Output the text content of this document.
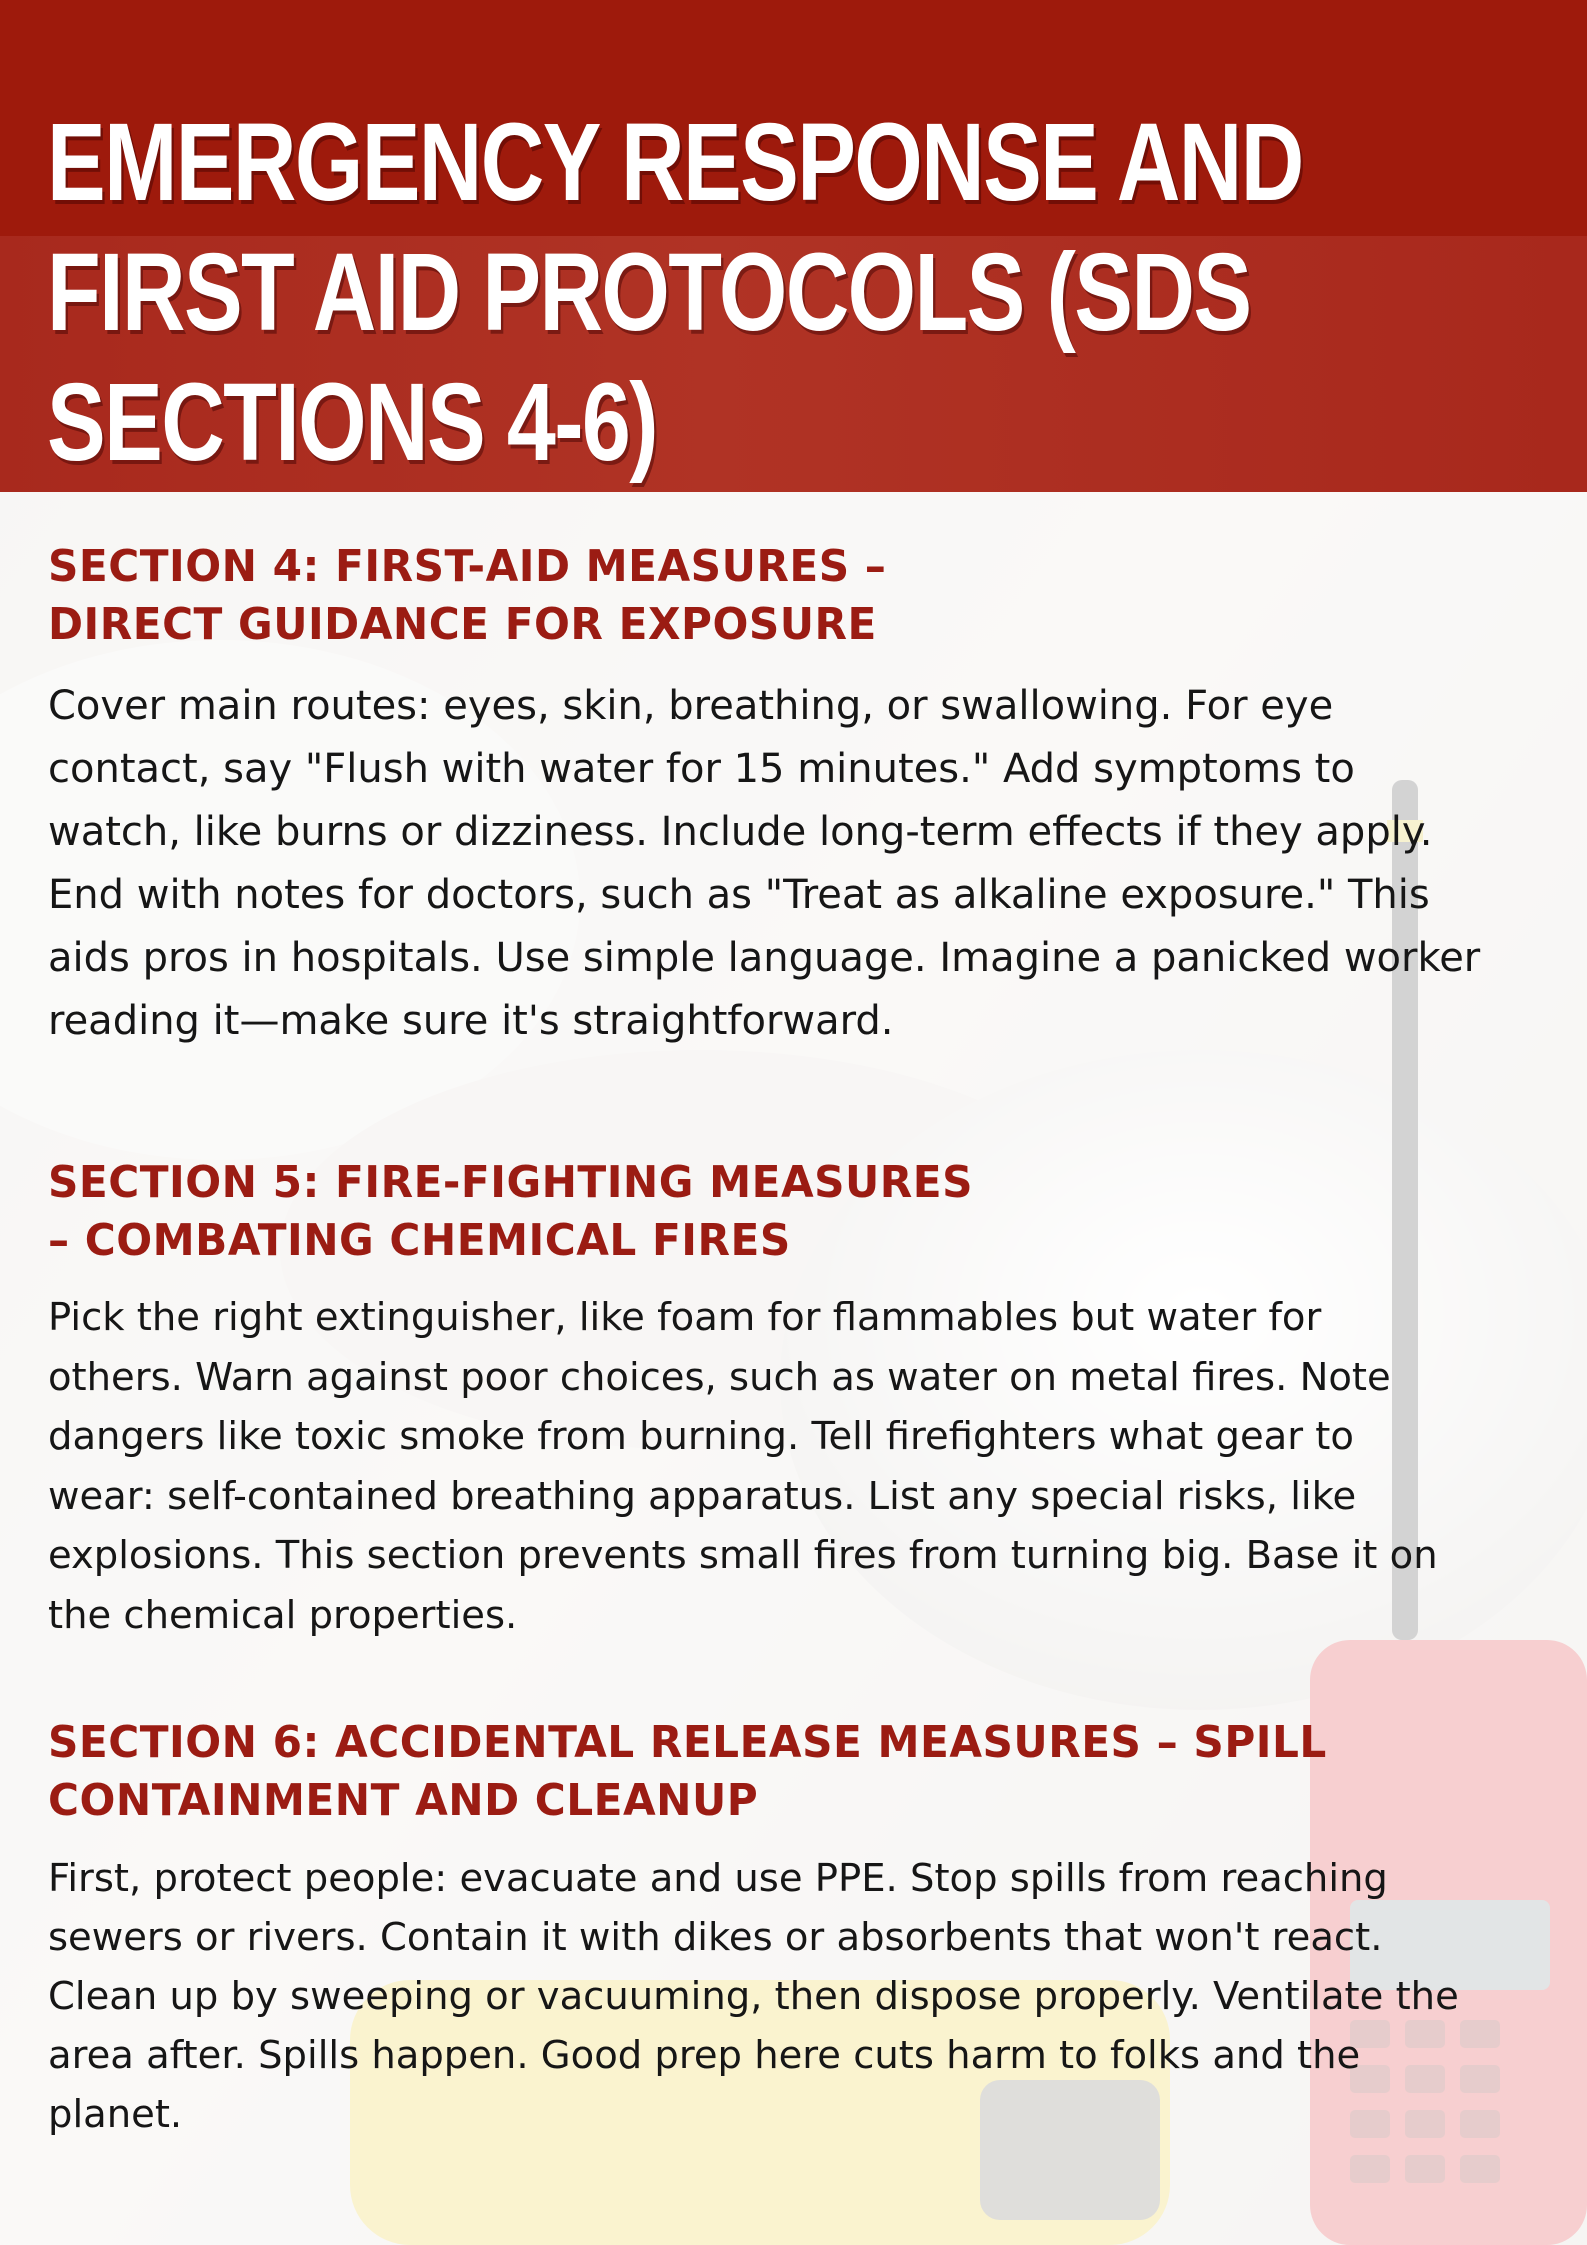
EMERGENCY RESPONSE AND FIRST AID PROTOCOLS (SDS SECTIONS 4-6)
SECTION 4: FIRST-AID MEASURES – DIRECT GUIDANCE FOR EXPOSURE

Cover main routes: eyes, skin, breathing, or swallowing. For eye contact, say "Flush with water for 15 minutes." Add symptoms to watch, like burns or dizziness. Include long-term effects if they apply. End with notes for doctors, such as "Treat as alkaline exposure." This aids pros in hospitals. Use simple language. Imagine a panicked worker reading it—make sure it's straightforward.

SECTION 5: FIRE-FIGHTING MEASURES – COMBATING CHEMICAL FIRES

Pick the right extinguisher, like foam for flammables but water for others. Warn against poor choices, such as water on metal fires. Note dangers like toxic smoke from burning. Tell firefighters what gear to wear: self-contained breathing apparatus. List any special risks, like explosions. This section prevents small fires from turning big. Base it on the chemical properties.

SECTION 6: ACCIDENTAL RELEASE MEASURES – SPILL CONTAINMENT AND CLEANUP

First, protect people: evacuate and use PPE. Stop spills from reaching sewers or rivers. Contain it with dikes or absorbents that won't react. Clean up by sweeping or vacuuming, then dispose properly. Ventilate the area after. Spills happen. Good prep here cuts harm to folks and the planet.
